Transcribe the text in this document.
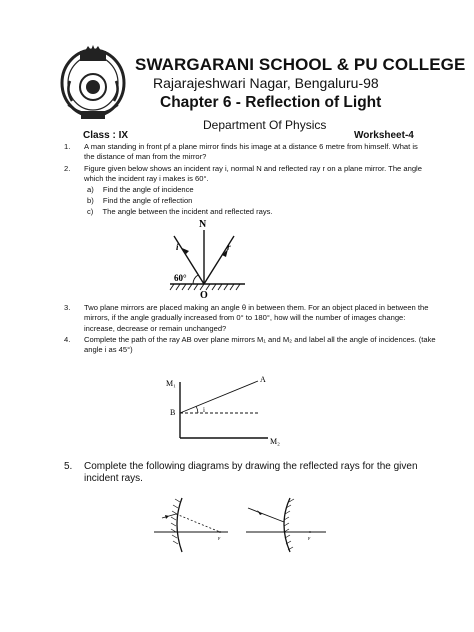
SWARGARANI SCHOOL & PU COLLEGE
Rajarajeshwari Nagar, Bengaluru-98
Chapter 6 - Reflection of Light
Department Of Physics
Class : IX	Worksheet-4
1. A man standing in front pf a plane mirror finds his image at a distance 6 metre from himself. What is the distance of man from the mirror?
2. Figure given below shows an incident ray i, normal N and reflected ray r on a plane mirror. The angle which the incident ray i makes is 60°.
a) Find the angle of incidence
b) Find the angle of reflection
c) The angle between the incident and reflected rays.
N
i	r
60°
O
3. Two plane mirrors are placed making an angle θ in between them. For an object placed in between the mirrors, if the angle gradually increased from 0° to 180°, how will the number of images change: increase, decrease or remain unchanged?
4. Complete the path of the ray AB over plane mirrors M₁ and M₂ and label all the angle of incidences. (take angle i as 45°)
M₁
M₂
A
B	i
5. Complete the following diagrams by drawing the reflected rays for the given incident rays.
F	F
